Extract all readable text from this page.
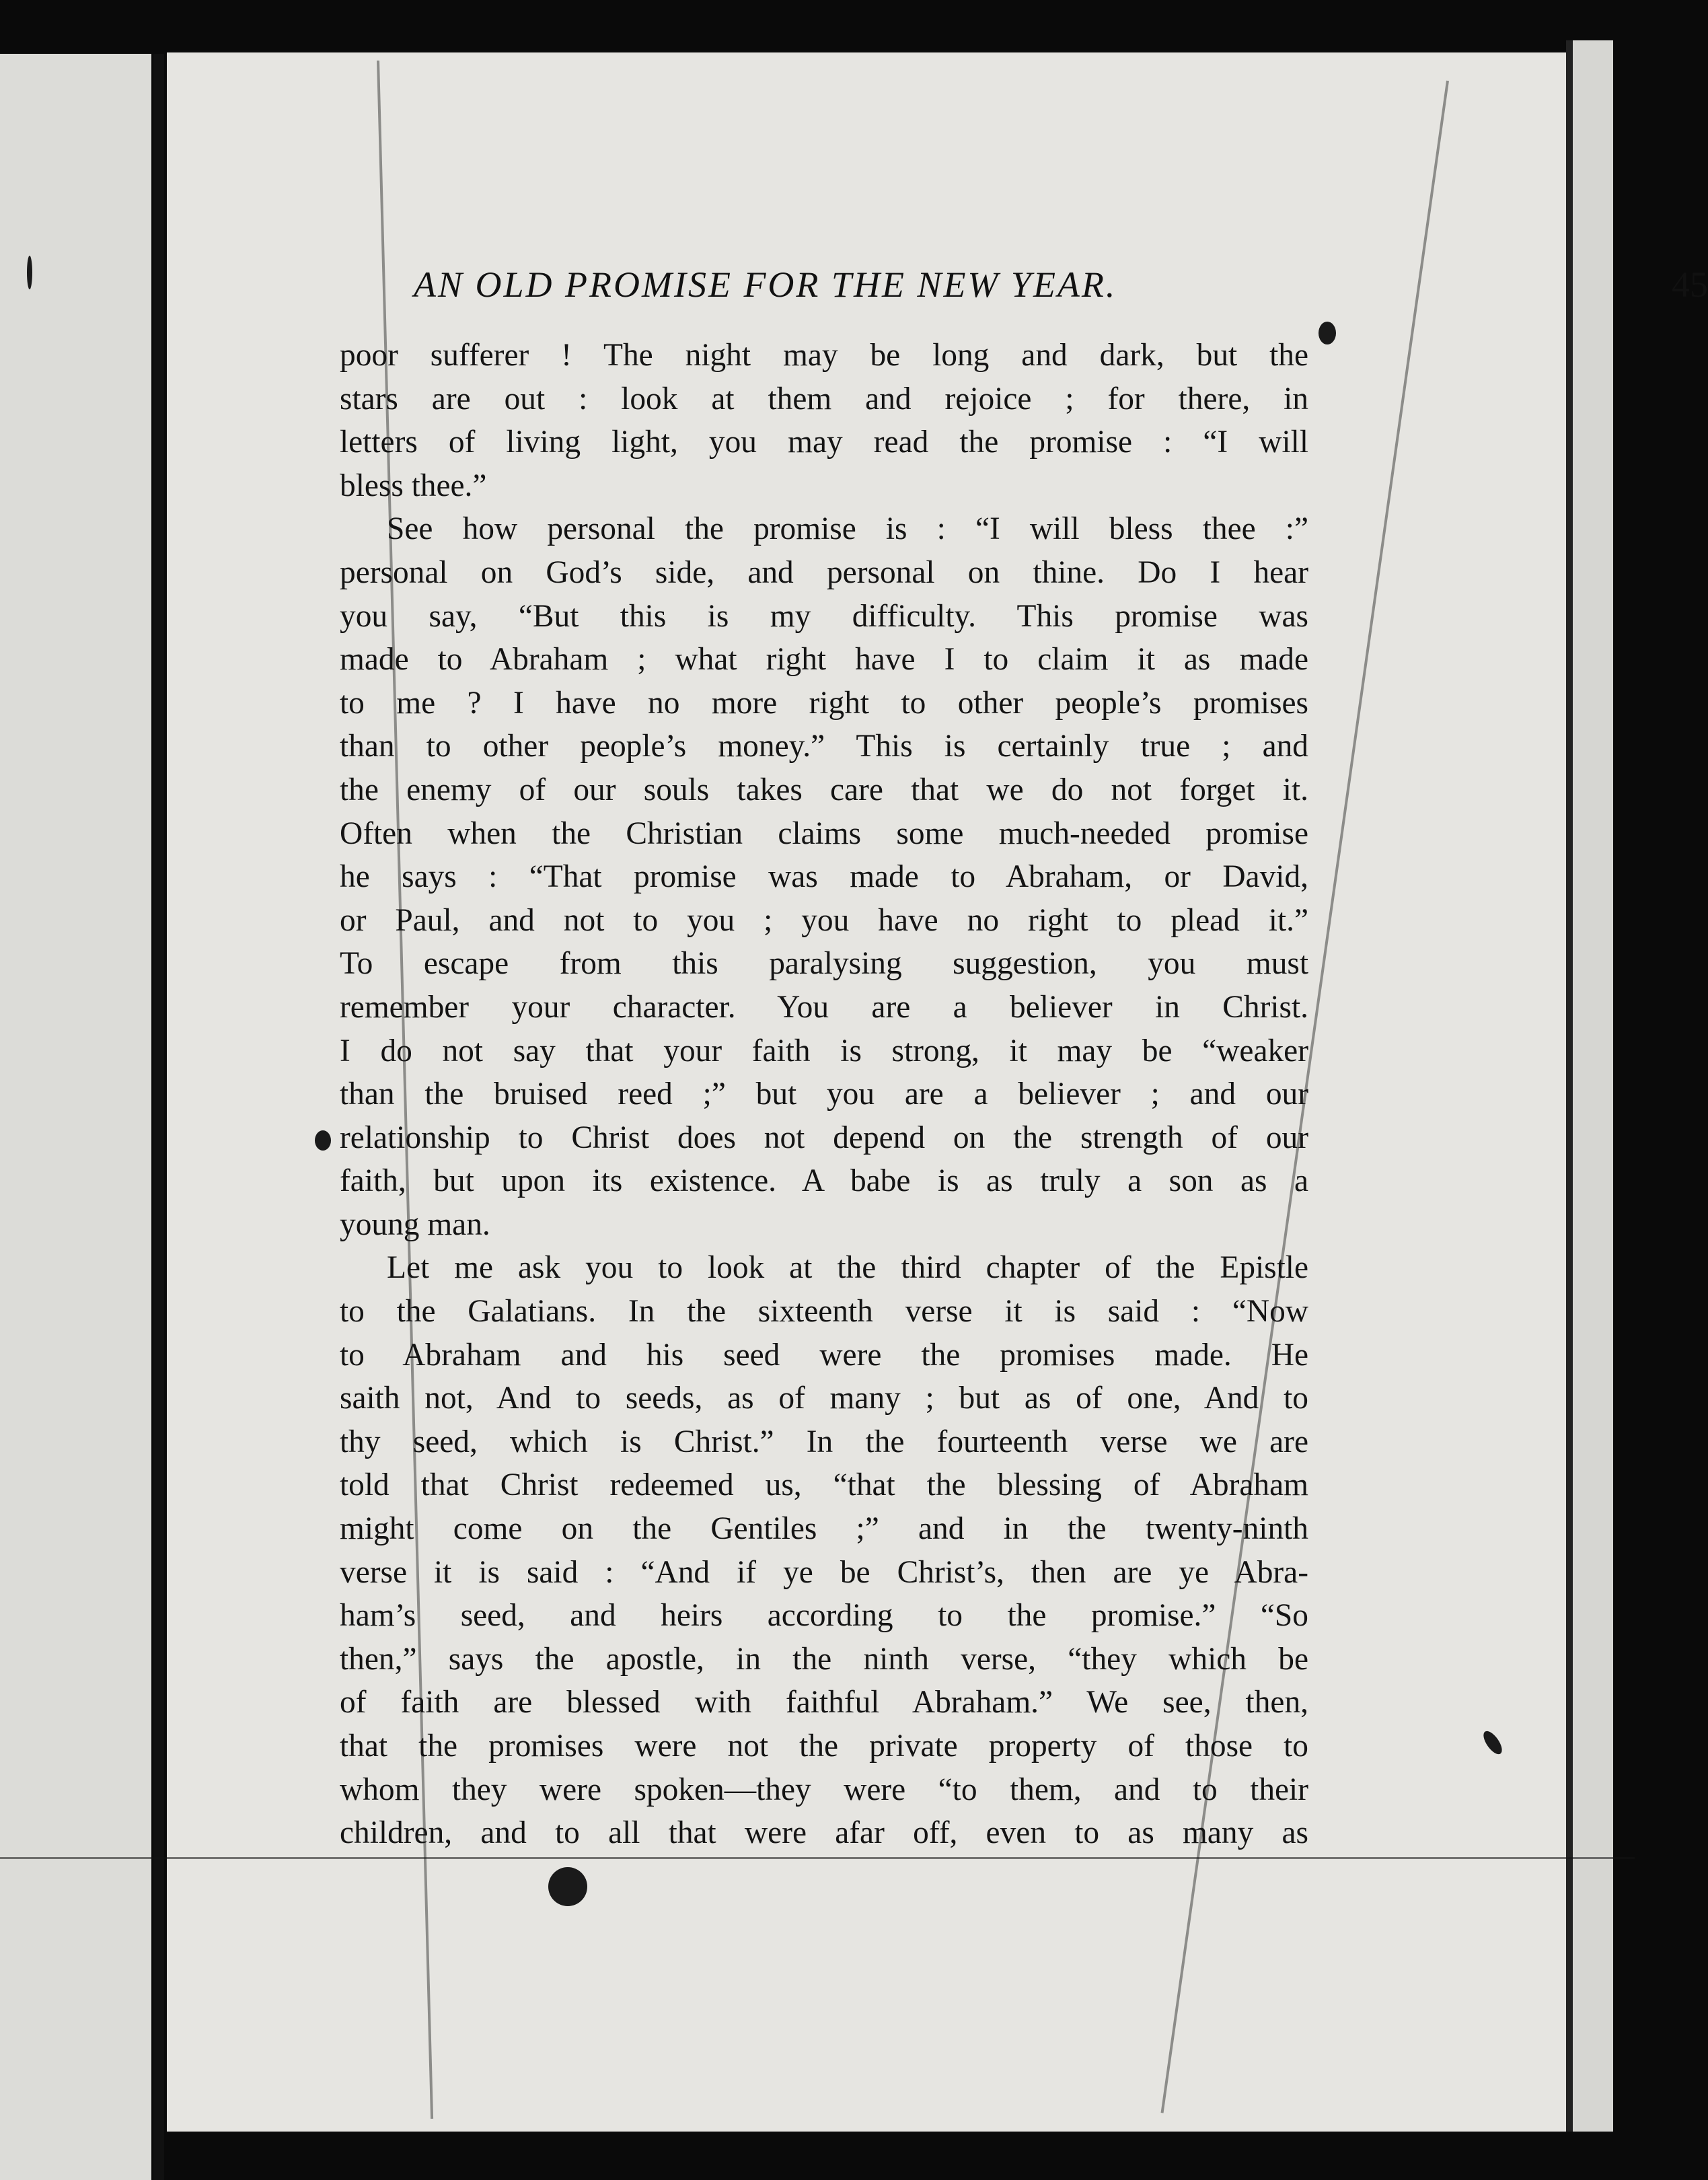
AN OLD PROMISE FOR THE NEW YEAR.	45
poor sufferer ! The night may be long and dark, but the
stars are out : look at them and rejoice ; for there, in
letters of living light, you may read the promise : “I will
bless thee.”
See how personal the promise is : “I will bless thee :”
personal on God’s side, and personal on thine. Do I hear
you say, “But this is my difficulty. This promise was
made to Abraham ; what right have I to claim it as made
to me ? I have no more right to other people’s promises
than to other people’s money.” This is certainly true ; and
the enemy of our souls takes care that we do not forget it.
Often when the Christian claims some much-needed promise
he says : “That promise was made to Abraham, or David,
or Paul, and not to you ; you have no right to plead it.”
To escape from this paralysing suggestion, you must
remember your character. You are a believer in Christ.
I do not say that your faith is strong, it may be “weaker
than the bruised reed ;” but you are a believer ; and our
relationship to Christ does not depend on the strength of our
faith, but upon its existence. A babe is as truly a son as a
young man.
Let me ask you to look at the third chapter of the Epistle
to the Galatians. In the sixteenth verse it is said : “Now
to Abraham and his seed were the promises made. He
saith not, And to seeds, as of many ; but as of one, And to
thy seed, which is Christ.” In the fourteenth verse we are
told that Christ redeemed us, “that the blessing of Abraham
might come on the Gentiles ;” and in the twenty-ninth
verse it is said : “And if ye be Christ’s, then are ye Abra-
ham’s seed, and heirs according to the promise.” “So
then,” says the apostle, in the ninth verse, “they which be
of faith are blessed with faithful Abraham.” We see, then,
that the promises were not the private property of those to
whom they were spoken—they were “to them, and to their
children, and to all that were afar off, even to as many as
